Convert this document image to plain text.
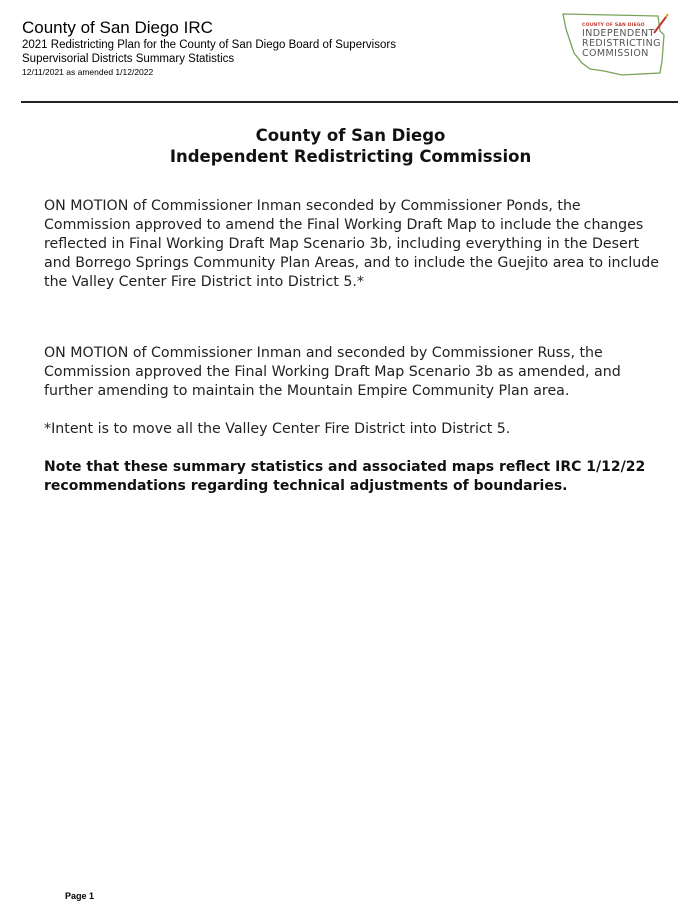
County of San Diego IRC
2021 Redistricting Plan for the County of San Diego Board of Supervisors
Supervisorial Districts Summary Statistics
12/11/2021 as amended 1/12/2022
COUNTY OF SAN DIEGO
INDEPENDENT
REDISTRICTING
COMMISSION
County of San Diego
Independent Redistricting Commission

ON MOTION of Commissioner Inman seconded by Commissioner Ponds, the Commission approved to amend the Final Working Draft Map to include the changes reflected in Final Working Draft Map Scenario 3b, including everything in the Desert and Borrego Springs Community Plan Areas, and to include the Guejito area to include the Valley Center Fire District into District 5.*

ON MOTION of Commissioner Inman and seconded by Commissioner Russ, the Commission approved the Final Working Draft Map Scenario 3b as amended, and further amending to maintain the Mountain Empire Community Plan area.

*Intent is to move all the Valley Center Fire District into District 5.

Note that these summary statistics and associated maps reflect IRC 1/12/22 recommendations regarding technical adjustments of boundaries.

Page 1
